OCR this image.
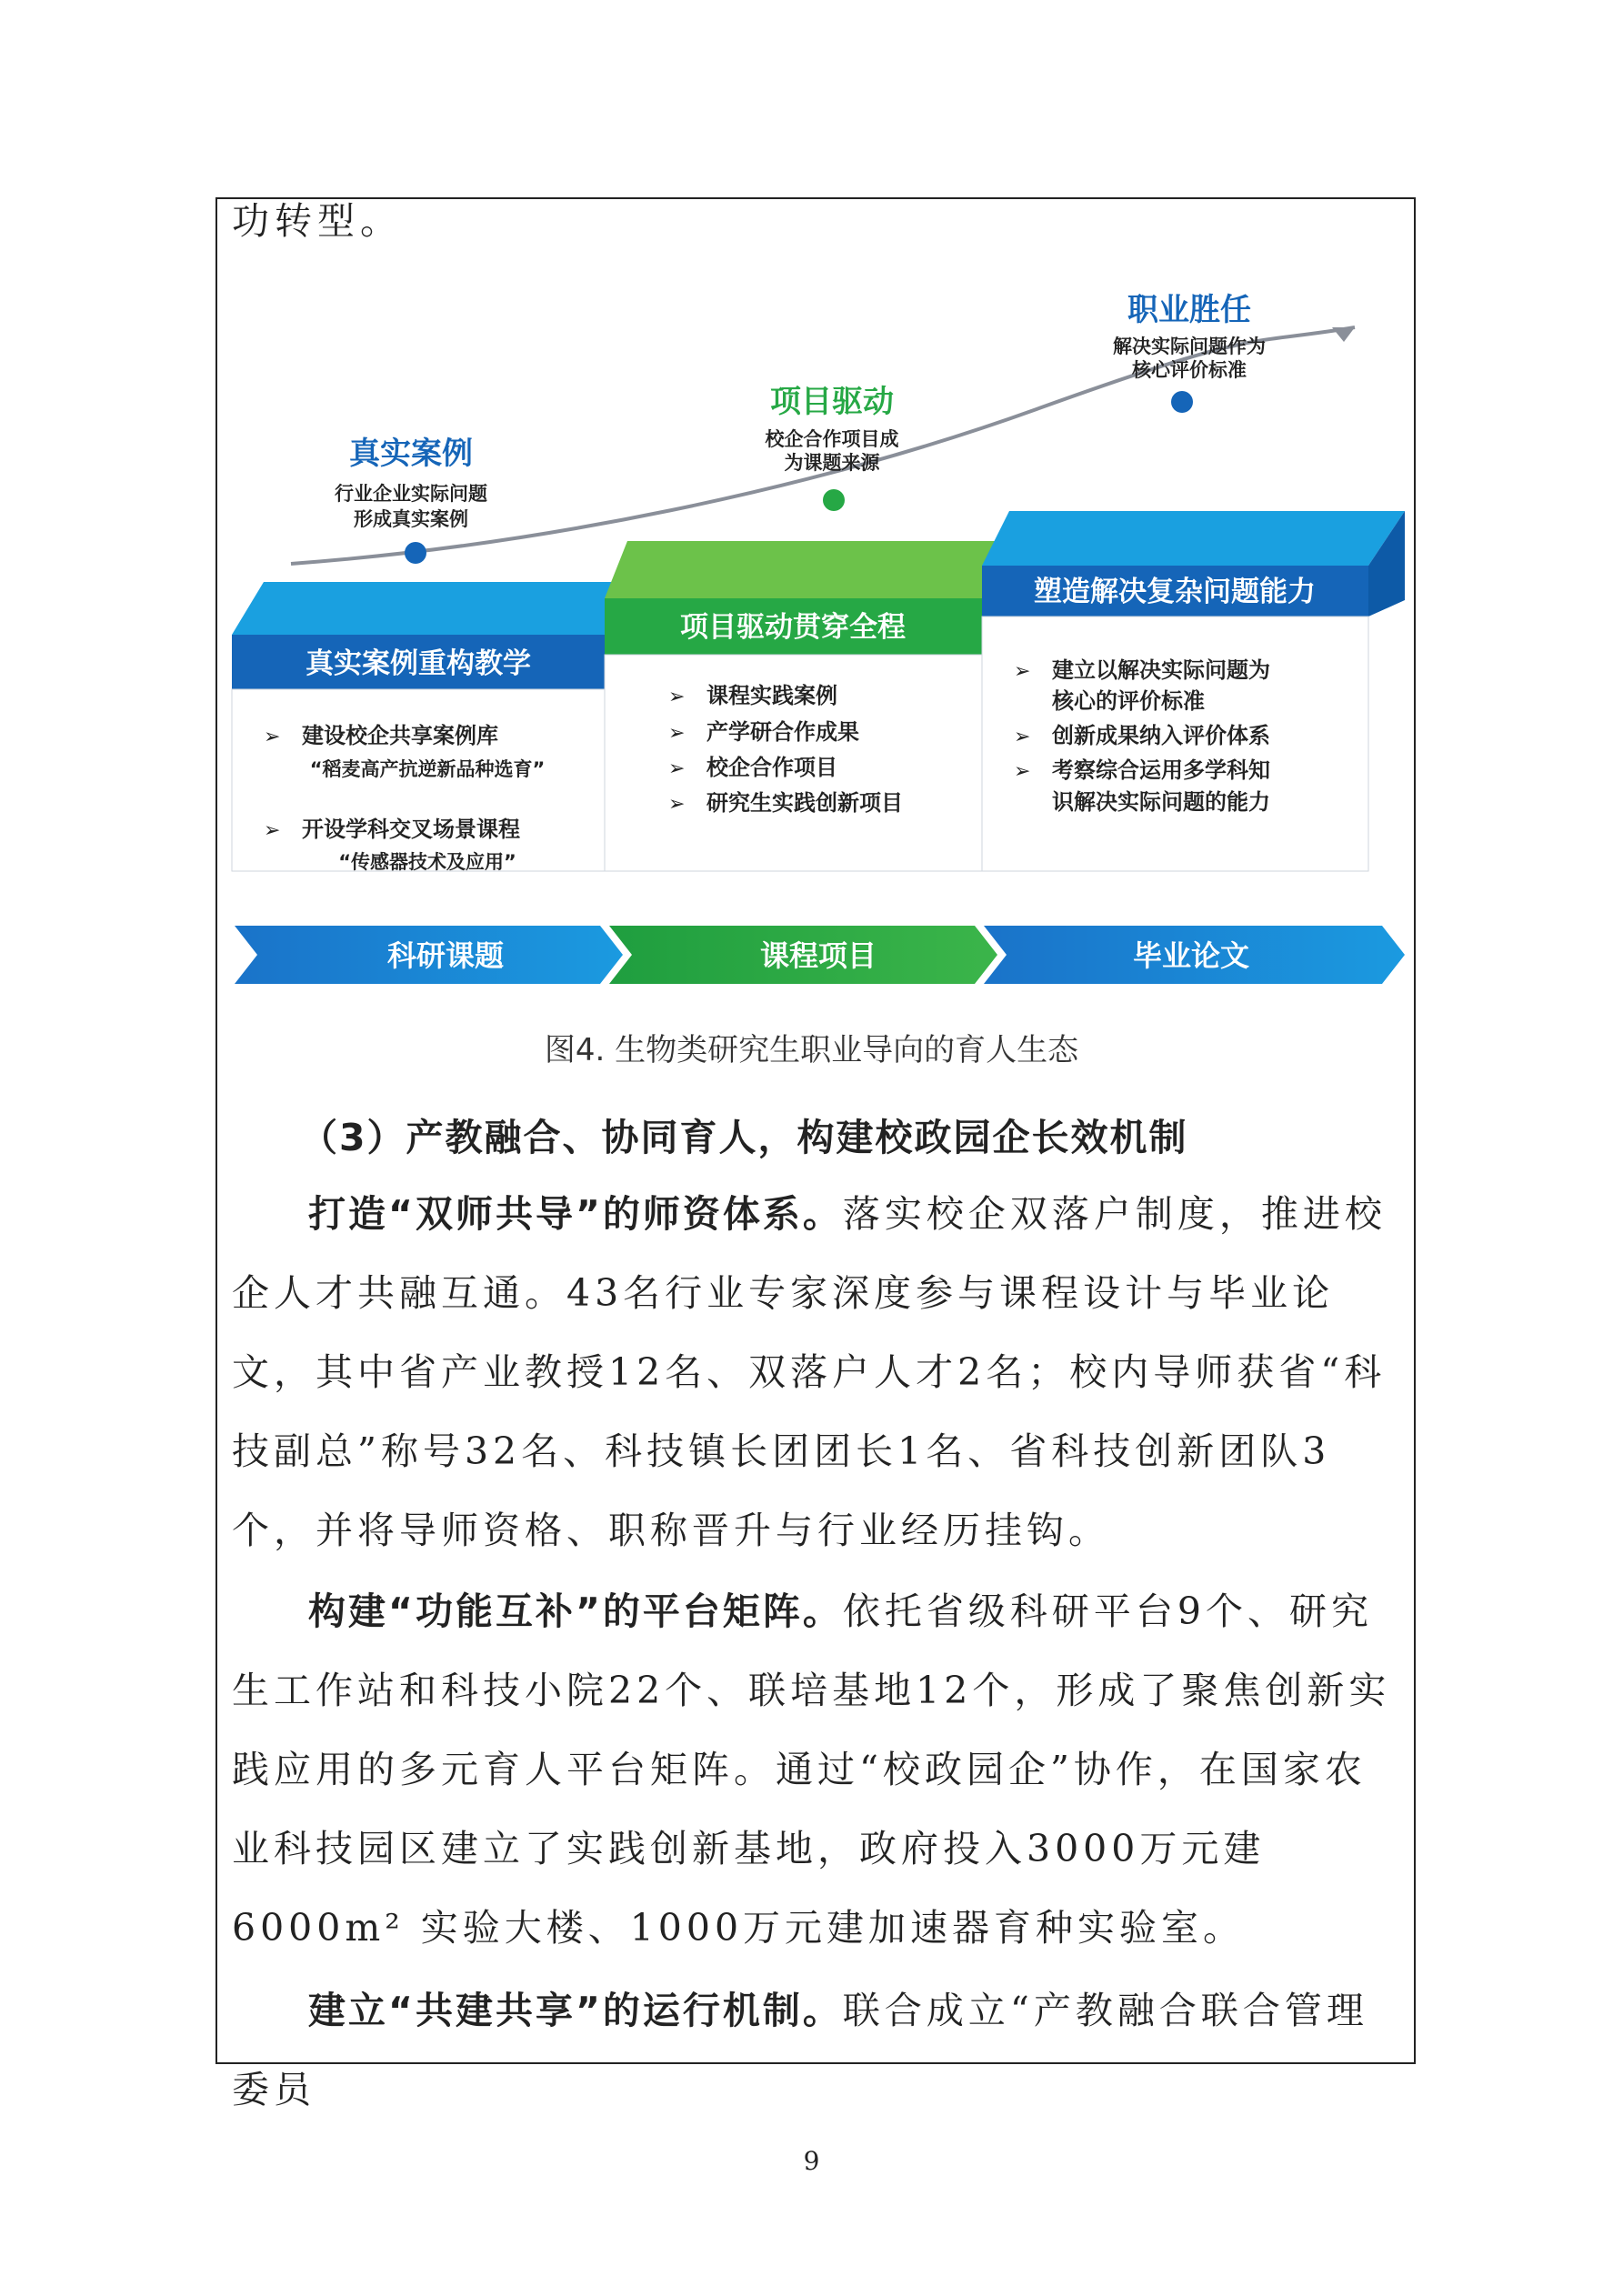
功转型。
真实案例
行业企业实际问题
形成真实案例
项目驱动
校企合作项目成
为课题来源
职业胜任
解决实际问题作为
核心评价标准
真实案例重构教学
➢ 建设校企共享案例库
“稻麦高产抗逆新品种选育”
➢ 开设学科交叉场景课程
“传感器技术及应用”
项目驱动贯穿全程
➢ 课程实践案例
➢ 产学研合作成果
➢ 校企合作项目
➢ 研究生实践创新项目
塑造解决复杂问题能力
➢ 建立以解决实际问题为
核心的评价标准
➢ 创新成果纳入评价体系
➢ 考察综合运用多学科知
识解决实际问题的能力
科研课题	课程项目	毕业论文
图4. 生物类研究生职业导向的育人生态
（3）产教融合、协同育人，构建校政园企长效机制

打造“双师共导”的师资体系。落实校企双落户制度，推进校企人才共融互通。43名行业专家深度参与课程设计与毕业论文，其中省产业教授12名、双落户人才2名；校内导师获省“科技副总”称号32名、科技镇长团团长1名、省科技创新团队3个，并将导师资格、职称晋升与行业经历挂钩。

构建“功能互补”的平台矩阵。依托省级科研平台9个、研究生工作站和科技小院22个、联培基地12个，形成了聚焦创新实践应用的多元育人平台矩阵。通过“校政园企”协作，在国家农业科技园区建立了实践创新基地，政府投入3000万元建6000m² 实验大楼、1000万元建加速器育种实验室。

建立“共建共享”的运行机制。联合成立“产教融合联合管理委员

9
